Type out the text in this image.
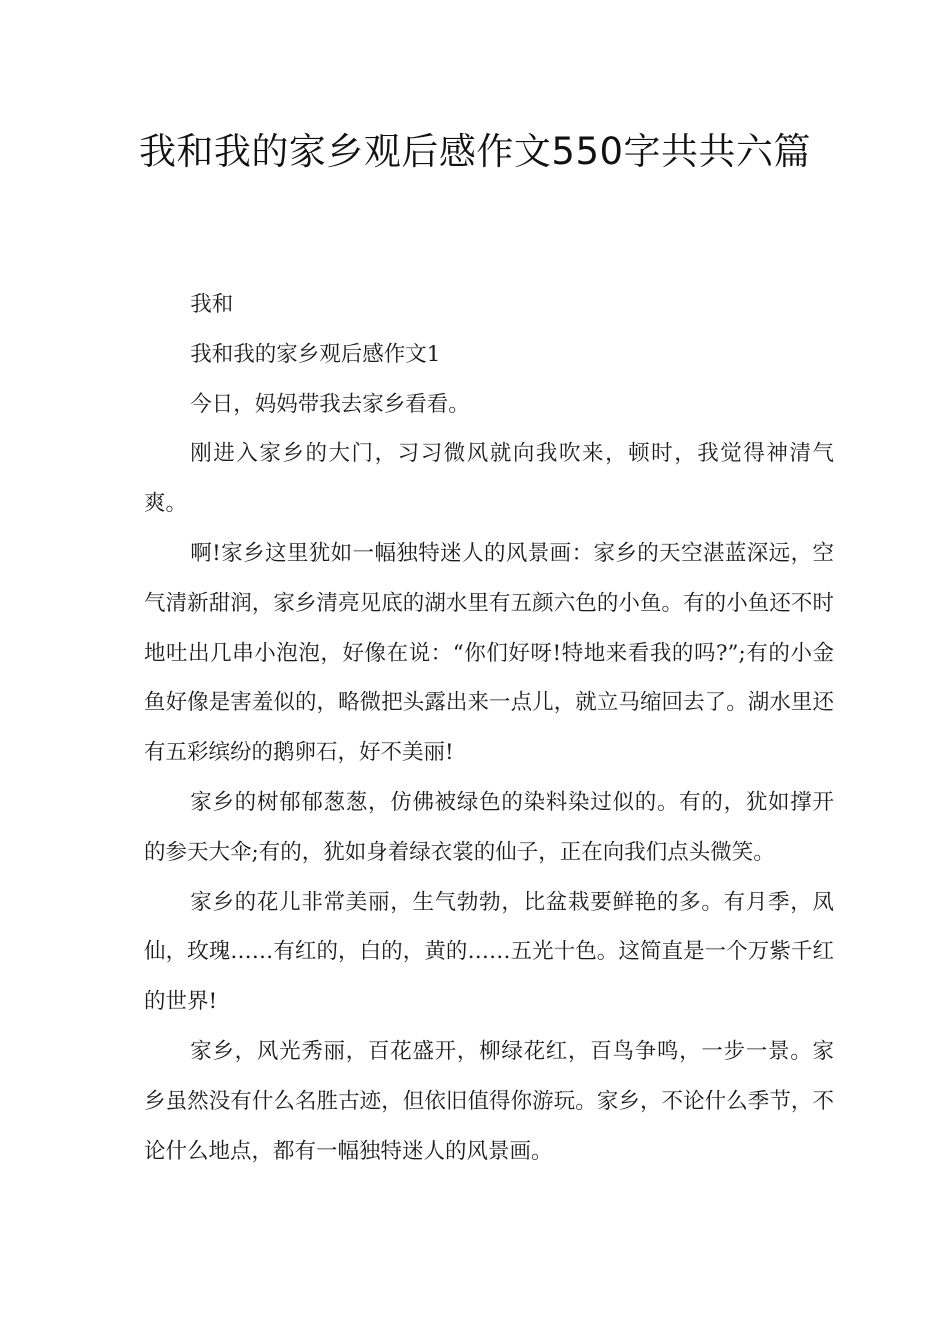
我和我的家乡观后感作文550字共共六篇

我和

我和我的家乡观后感作文1

今日，妈妈带我去家乡看看。

刚进入家乡的大门，习习微风就向我吹来，顿时，我觉得神清气爽。

啊!家乡这里犹如一幅独特迷人的风景画：家乡的天空湛蓝深远，空气清新甜润，家乡清亮见底的湖水里有五颜六色的小鱼。有的小鱼还不时地吐出几串小泡泡，好像在说：“你们好呀!特地来看我的吗?”;有的小金鱼好像是害羞似的，略微把头露出来一点儿，就立马缩回去了。湖水里还有五彩缤纷的鹅卵石，好不美丽!

家乡的树郁郁葱葱，仿佛被绿色的染料染过似的。有的，犹如撑开的参天大伞;有的，犹如身着绿衣裳的仙子，正在向我们点头微笑。

家乡的花儿非常美丽，生气勃勃，比盆栽要鲜艳的多。有月季，凤仙，玫瑰……有红的，白的，黄的……五光十色。这简直是一个万紫千红的世界!

家乡，风光秀丽，百花盛开，柳绿花红，百鸟争鸣，一步一景。家乡虽然没有什么名胜古迹，但依旧值得你游玩。家乡，不论什么季节，不论什么地点，都有一幅独特迷人的风景画。
